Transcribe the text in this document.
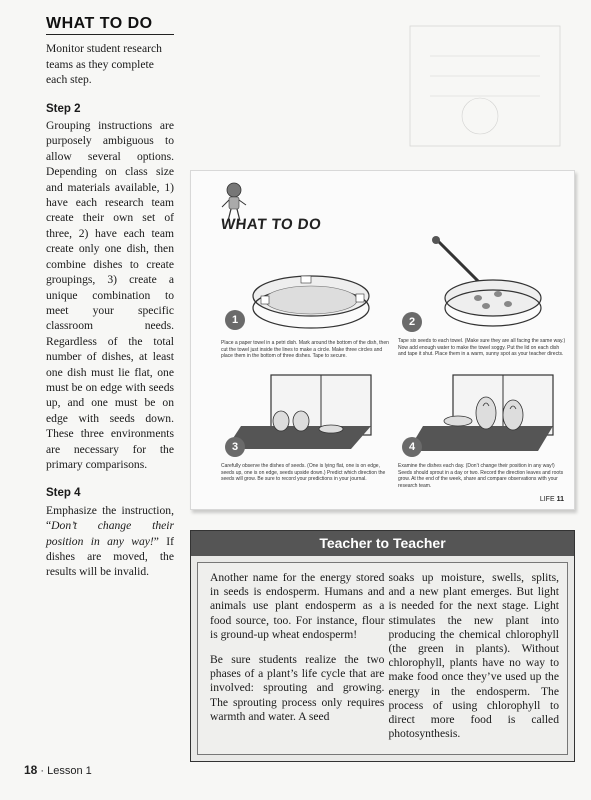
WHAT TO DO
Monitor student research teams as they complete each step.
Step 2
Grouping instructions are purposely ambiguous to allow several options. Depending on class size and materials available, 1) have each research team create their own set of three, 2) have each team create only one dish, then combine dishes to create groupings, 3) create a unique combination to meet your specific classroom needs. Regardless of the total number of dishes, at least one dish must lie flat, one must be on edge with seeds up, and one must be on edge with seeds down. These three environments are necessary for the primary comparisons.
Step 4
Emphasize the instruction, “Don’t change their position in any way!” If dishes are moved, the results will be invalid.
WHAT TO DO
1
Place a paper towel in a petri dish. Mark around the bottom of the dish, then cut the towel just inside the lines to make a circle. Make three circles and place them in the bottom of three dishes. Tape to secure.
2
Tape six seeds to each towel. (Make sure they are all facing the same way.) Now add enough water to make the towel soggy. Put the lid on each dish and tape it shut. Place them in a warm, sunny spot as your teacher directs.
3
Carefully observe the dishes of seeds. (One is lying flat, one is on edge, seeds up, one is on edge, seeds upside down.) Predict which direction the seeds will grow. Be sure to record your predictions in your journal.
4
Examine the dishes each day. (Don’t change their position in any way!) Seeds should sprout in a day or two. Record the direction leaves and roots grow. At the end of the week, share and compare observations with your research team.
LIFE 11
Teacher to Teacher

Another name for the energy stored in seeds is endosperm. Humans and animals use plant endosperm as a food source, too. For instance, flour is ground-up wheat endosperm!

Be sure students realize the two phases of a plant’s life cycle that are involved: sprouting and growing. The sprouting process only requires warmth and water. A seed

soaks up moisture, swells, splits, and a new plant emerges. But light is needed for the next stage. Light stimulates the new plant into producing the chemical chlorophyll (the green in plants). Without chlorophyll, plants have no way to make food once they’ve used up the energy in the endosperm. The process of using chlorophyll to direct more food is called photosynthesis.

18 · Lesson 1
